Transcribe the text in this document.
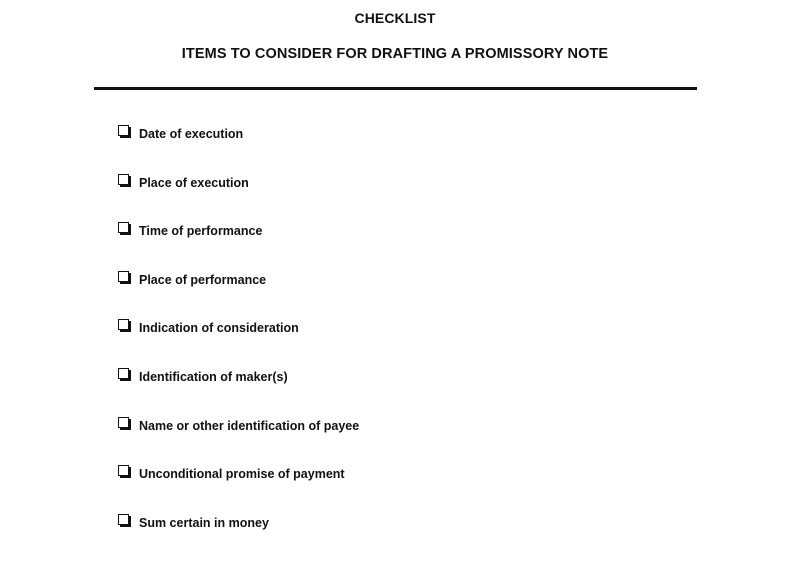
CHECKLIST
ITEMS TO CONSIDER FOR DRAFTING A PROMISSORY NOTE
Date of execution
Place of execution
Time of performance
Place of performance
Indication of consideration
Identification of maker(s)
Name or other identification of payee
Unconditional promise of payment
Sum certain in money
